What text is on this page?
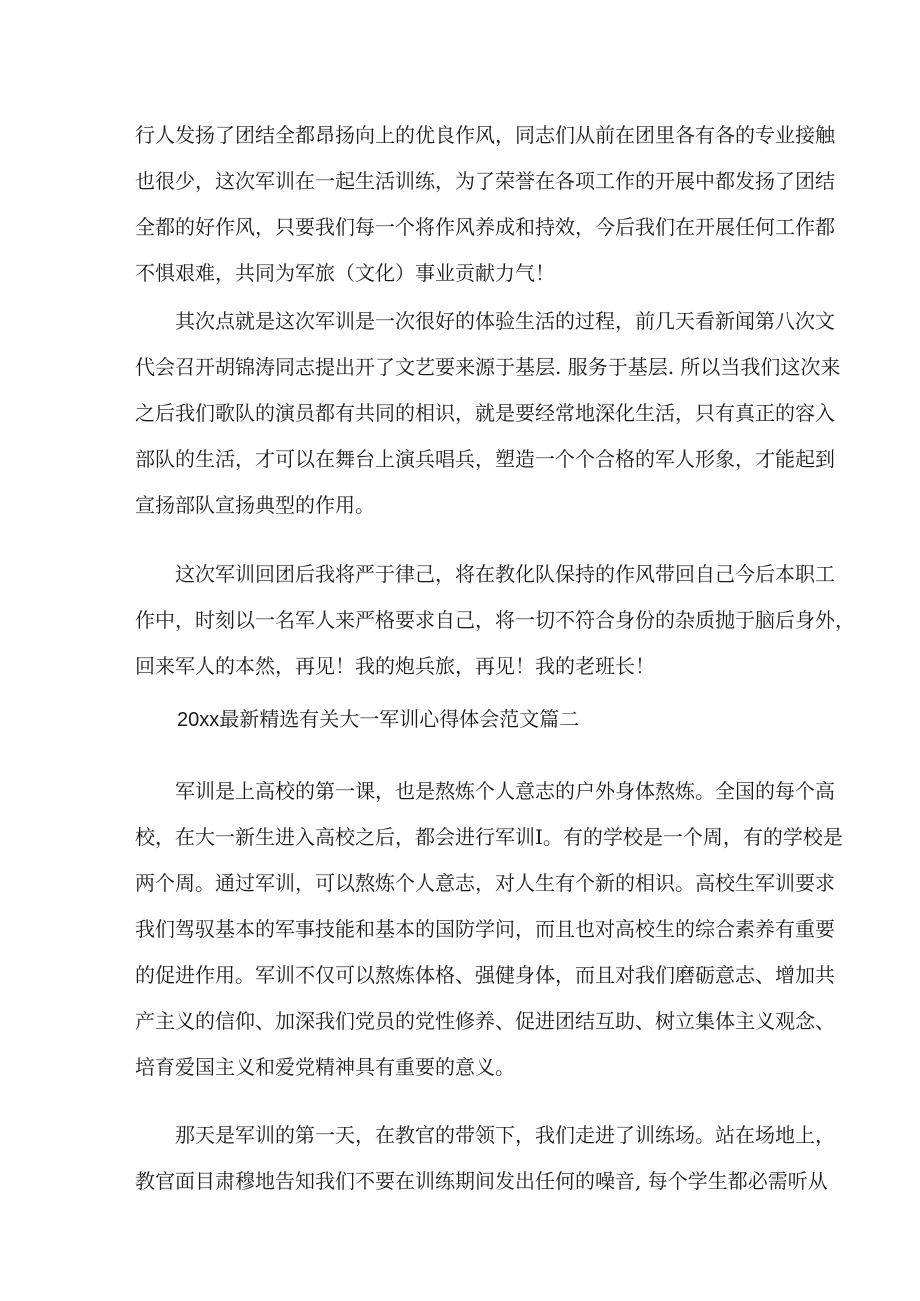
行人发扬了团结全都昂扬向上的优良作风，同志们从前在团里各有各的专业接触
也很少，这次军训在一起生活训练，为了荣誉在各项工作的开展中都发扬了团结
全都的好作风，只要我们每一个将作风养成和持效，今后我们在开展任何工作都
不惧艰难，共同为军旅（文化）事业贡献力气！
　　其次点就是这次军训是一次很好的体验生活的过程，前几天看新闻第八次文
代会召开胡锦涛同志提出开了文艺要来源于基层. 服务于基层. 所以当我们这次来
之后我们歌队的演员都有共同的相识，就是要经常地深化生活，只有真正的容入
部队的生活，才可以在舞台上演兵唱兵，塑造一个个合格的军人形象，才能起到
宣扬部队宣扬典型的作用。
　　这次军训回团后我将严于律己，将在教化队保持的作风带回自己今后本职工
作中，时刻以一名军人来严格要求自己，将一切不符合身份的杂质抛于脑后身外，
回来军人的本然，再见！我的炮兵旅，再见！我的老班长！
20xx最新精选有关大一军训心得体会范文篇二
　　军训是上高校的第一课，也是熬炼个人意志的户外身体熬炼。全国的每个高
校，在大一新生进入高校之后，都会进行军训I。有的学校是一个周，有的学校是
两个周。通过军训，可以熬炼个人意志，对人生有个新的相识。高校生军训要求
我们驾驭基本的军事技能和基本的国防学问，而且也对高校生的综合素养有重要
的促进作用。军训不仅可以熬炼体格、强健身体，而且对我们磨砺意志、增加共
产主义的信仰、加深我们党员的党性修养、促进团结互助、树立集体主义观念、
培育爱国主义和爱党精神具有重要的意义。
　　那天是军训的第一天，在教官的带领下，我们走进了训练场。站在场地上，
教官面目肃穆地告知我们不要在训练期间发出任何的噪音, 每个学生都必需听从
